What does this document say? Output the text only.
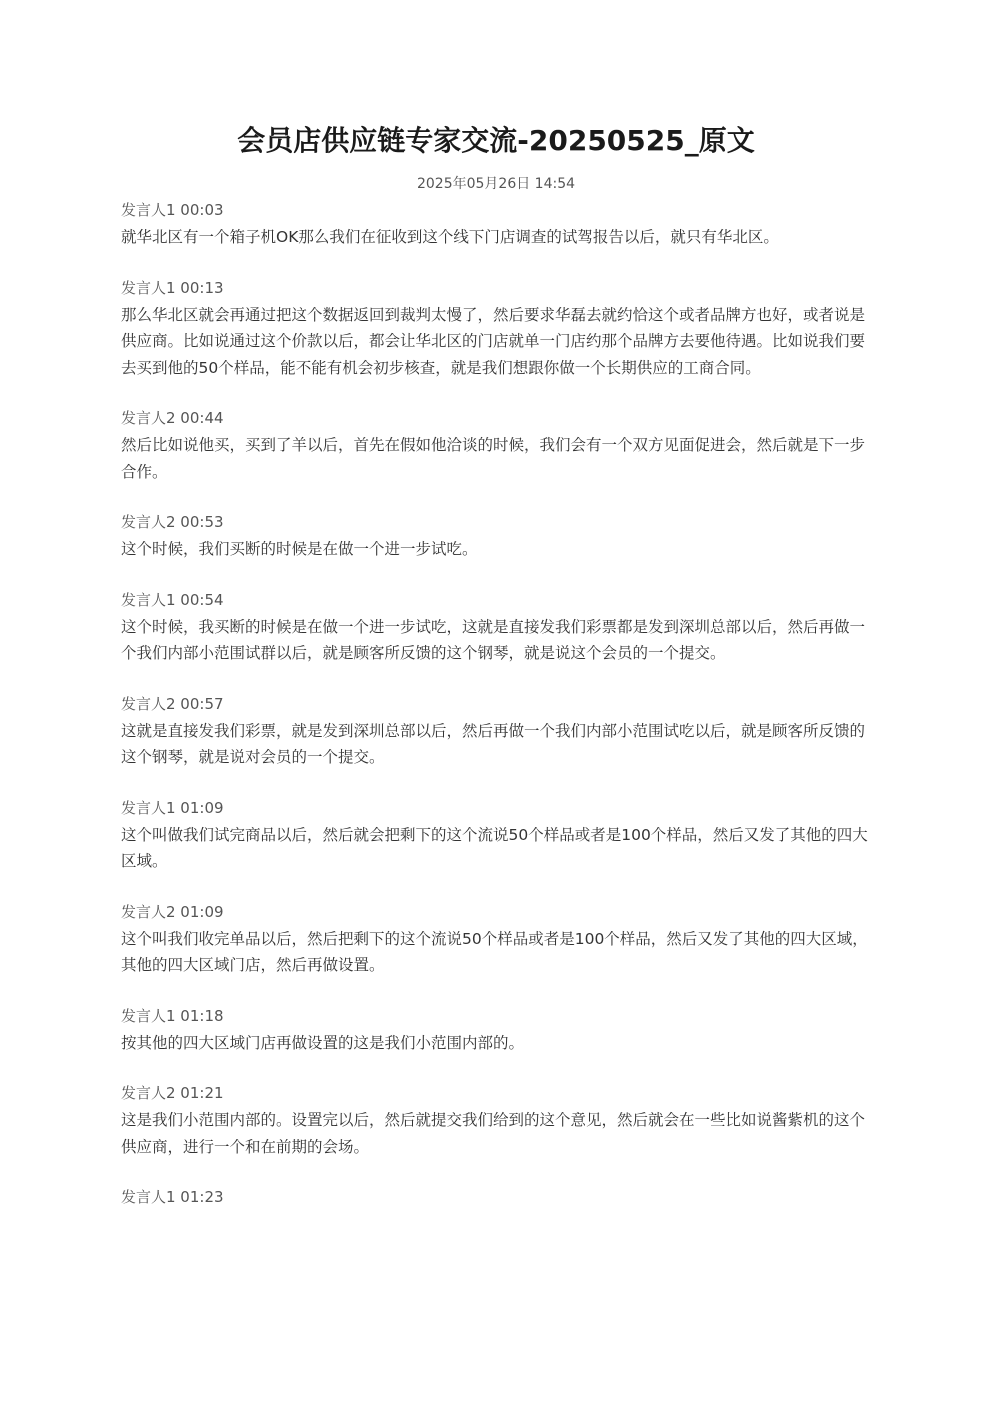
会员店供应链专家交流-20250525_原文
2025年05月26日 14:54
发言人1 00:03
就华北区有一个箱子机OK那么我们在征收到这个线下门店调查的试驾报告以后，就只有华北区。
发言人1 00:13
那么华北区就会再通过把这个数据返回到裁判太慢了，然后要求华磊去就约恰这个或者品牌方也好，或者说是供应商。比如说通过这个价款以后，都会让华北区的门店就单一门店约那个品牌方去要他待遇。比如说我们要去买到他的50个样品，能不能有机会初步核查，就是我们想跟你做一个长期供应的工商合同。
发言人2 00:44
然后比如说他买，买到了羊以后，首先在假如他洽谈的时候，我们会有一个双方见面促进会，然后就是下一步合作。
发言人2 00:53
这个时候，我们买断的时候是在做一个进一步试吃。
发言人1 00:54
这个时候，我买断的时候是在做一个进一步试吃，这就是直接发我们彩票都是发到深圳总部以后，然后再做一个我们内部小范围试群以后，就是顾客所反馈的这个钢琴，就是说这个会员的一个提交。
发言人2 00:57
这就是直接发我们彩票，就是发到深圳总部以后，然后再做一个我们内部小范围试吃以后，就是顾客所反馈的这个钢琴，就是说对会员的一个提交。
发言人1 01:09
这个叫做我们试完商品以后，然后就会把剩下的这个流说50个样品或者是100个样品，然后又发了其他的四大区域。
发言人2 01:09
这个叫我们收完单品以后，然后把剩下的这个流说50个样品或者是100个样品，然后又发了其他的四大区域，其他的四大区域门店，然后再做设置。
发言人1 01:18
按其他的四大区域门店再做设置的这是我们小范围内部的。
发言人2 01:21
这是我们小范围内部的。设置完以后，然后就提交我们给到的这个意见，然后就会在一些比如说酱紫机的这个供应商，进行一个和在前期的会场。
发言人1 01:23
